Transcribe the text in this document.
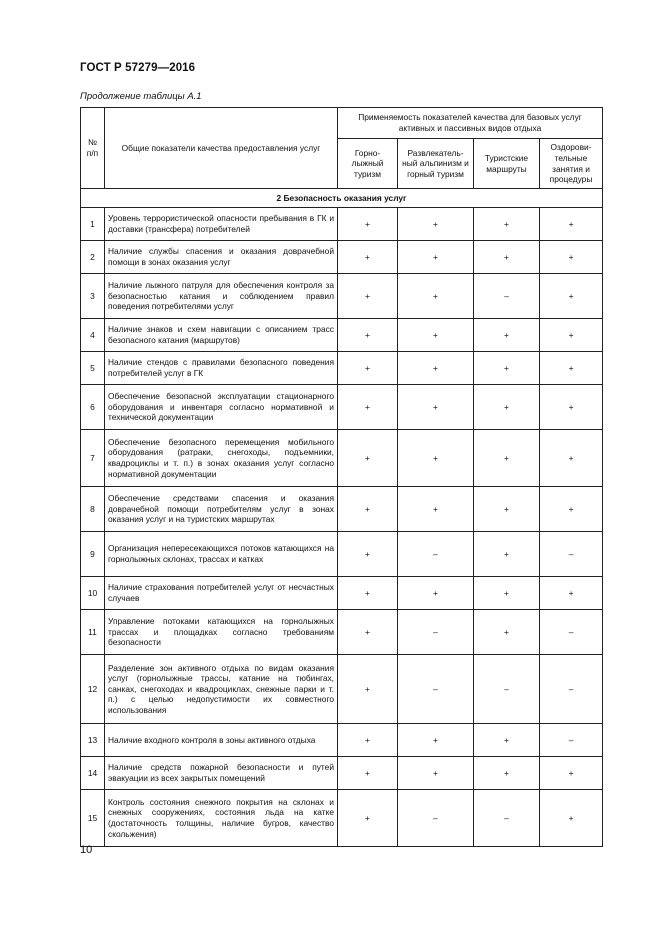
ГОСТ Р 57279—2016
Продолжение таблицы А.1
№ п/п	Общие показатели качества предоставления услуг	Применяемость показателей качества для базовых услуг активных и пассивных видов отдыха			
		Горно-лыжный туризм	Развлекатель-ный альпинизм и горный туризм	Туристские маршруты	Оздорови-тельные занятия и процедуры
2 Безопасность оказания услуг					
1	Уровень террористической опасности пребывания в ГК и доставки (трансфера) потребителей	+	+	+	+
2	Наличие службы спасения и оказания доврачебной помощи в зонах оказания услуг	+	+	+	+
3	Наличие лыжного патруля для обеспечения контроля за безопасностью катания и соблюдением правил поведения потребителями услуг	+	+	–	+
4	Наличие знаков и схем навигации с описанием трасс безопасного катания (маршрутов)	+	+	+	+
5	Наличие стендов с правилами безопасного поведения потребителей услуг в ГК	+	+	+	+
6	Обеспечение безопасной эксплуатации стационарного оборудования и инвентаря согласно нормативной и технической документации	+	+	+	+
7	Обеспечение безопасного перемещения мобильного оборудования (ратраки, снегоходы, подъемники, квадроциклы и т. п.) в зонах оказания услуг согласно нормативной документации	+	+	+	+
8	Обеспечение средствами спасения и оказания доврачебной помощи потребителям услуг в зонах оказания услуг и на туристских маршрутах	+	+	+	+
9	Организация непересекающихся потоков катающихся на горнолыжных склонах, трассах и катках	+	–	+	–
10	Наличие страхования потребителей услуг от несчастных случаев	+	+	+	+
11	Управление потоками катающихся на горнолыжных трассах и площадках согласно требованиям безопасности	+	–	+	–
12	Разделение зон активного отдыха по видам оказания услуг (горнолыжные трассы, катание на тюбингах, санках, снегоходах и квадроциклах, снежные парки и т. п.) с целью недопустимости их совместного использования	+	–	–	–
13	Наличие входного контроля в зоны активного отдыха	+	+	+	–
14	Наличие средств пожарной безопасности и путей эвакуации из всех закрытых помещений	+	+	+	+
15	Контроль состояния снежного покрытия на склонах и снежных сооружениях, состояния льда на катке (достаточность толщины, наличие бугров, качество скольжения)	+	–	–	+
10
